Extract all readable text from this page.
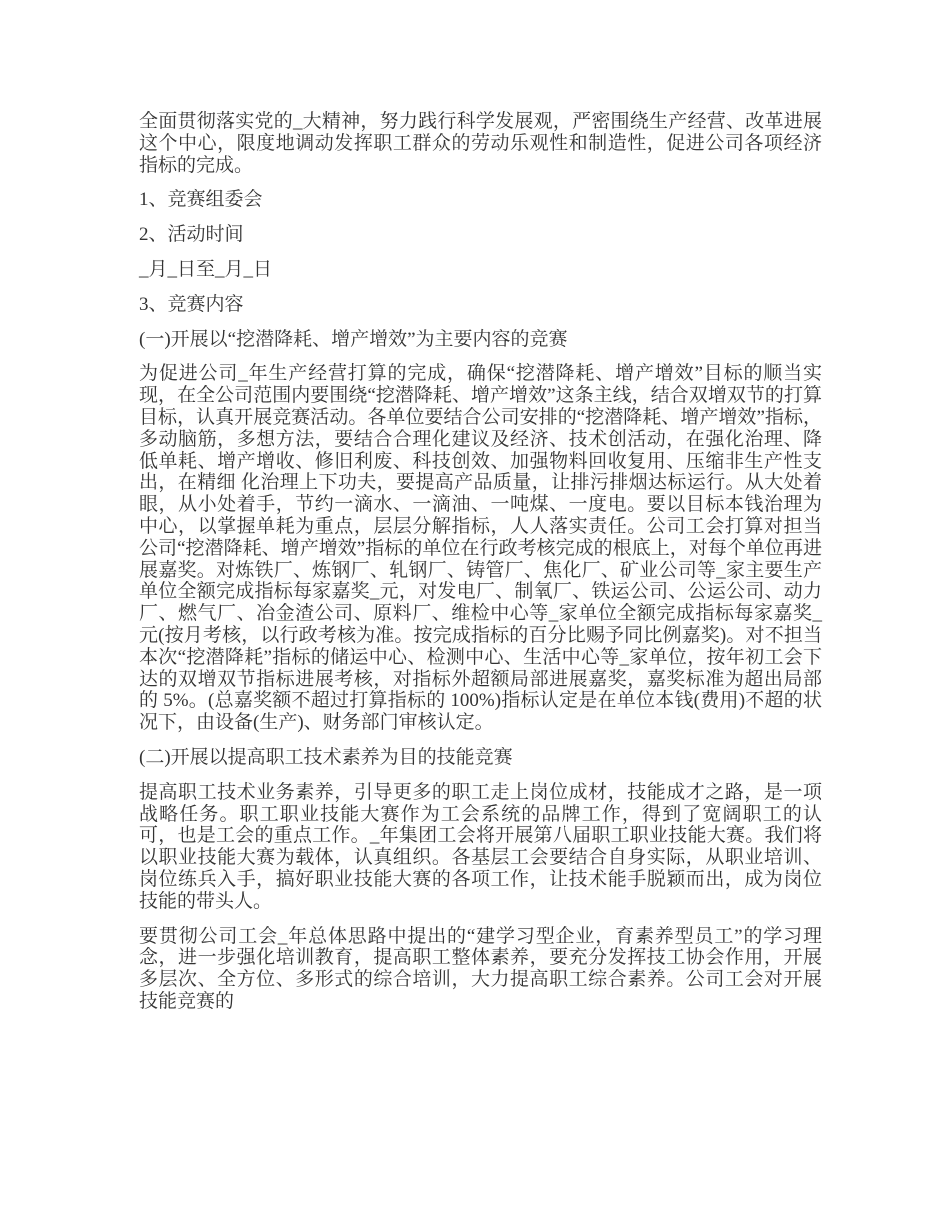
全面贯彻落实党的_大精神，努力践行科学发展观，严密围绕生产经营、改革进展这个中心，限度地调动发挥职工群众的劳动乐观性和制造性，促进公司各项经济指标的完成。

1、竞赛组委会

2、活动时间

_月_日至_月_日

3、竞赛内容

(一)开展以“挖潜降耗、增产增效”为主要内容的竞赛

为促进公司_年生产经营打算的完成，确保“挖潜降耗、增产增效”目标的顺当实现，在全公司范围内要围绕“挖潜降耗、增产增效”这条主线，结合双增双节的打算目标，认真开展竞赛活动。各单位要结合公司安排的“挖潜降耗、增产增效”指标，多动脑筋，多想方法，要结合合理化建议及经济、技术创活动，在强化治理、降低单耗、增产增收、修旧利废、科技创效、加强物料回收复用、压缩非生产性支出，在精细 化治理上下功夫，要提高产品质量，让排污排烟达标运行。从大处着眼，从小处着手，节约一滴水、一滴油、一吨煤、一度电。要以目标本钱治理为中心，以掌握单耗为重点，层层分解指标，人人落实责任。公司工会打算对担当公司“挖潜降耗、增产增效”指标的单位在行政考核完成的根底上，对每个单位再进展嘉奖。对炼铁厂、炼钢厂、轧钢厂、铸管厂、焦化厂、矿业公司等_家主要生产单位全额完成指标每家嘉奖_元，对发电厂、制氧厂、铁运公司、公运公司、动力厂、燃气厂、冶金渣公司、原料厂、维检中心等_家单位全额完成指标每家嘉奖_元(按月考核，以行政考核为准。按完成指标的百分比赐予同比例嘉奖)。对不担当本次“挖潜降耗”指标的储运中心、检测中心、生活中心等_家单位，按年初工会下达的双增双节指标进展考核，对指标外超额局部进展嘉奖，嘉奖标准为超出局部的 5%。(总嘉奖额不超过打算指标的 100%)指标认定是在单位本钱(费用)不超的状况下，由设备(生产)、财务部门审核认定。

(二)开展以提高职工技术素养为目的技能竞赛

提高职工技术业务素养，引导更多的职工走上岗位成材，技能成才之路，是一项战略任务。职工职业技能大赛作为工会系统的品牌工作，得到了宽阔职工的认可，也是工会的重点工作。_年集团工会将开展第八届职工职业技能大赛。我们将以职业技能大赛为载体，认真组织。各基层工会要结合自身实际，从职业培训、岗位练兵入手，搞好职业技能大赛的各项工作，让技术能手脱颖而出，成为岗位技能的带头人。

要贯彻公司工会_年总体思路中提出的“建学习型企业，育素养型员工”的学习理念，进一步强化培训教育，提高职工整体素养，要充分发挥技工协会作用，开展多层次、全方位、多形式的综合培训，大力提高职工综合素养。公司工会对开展技能竞赛的
